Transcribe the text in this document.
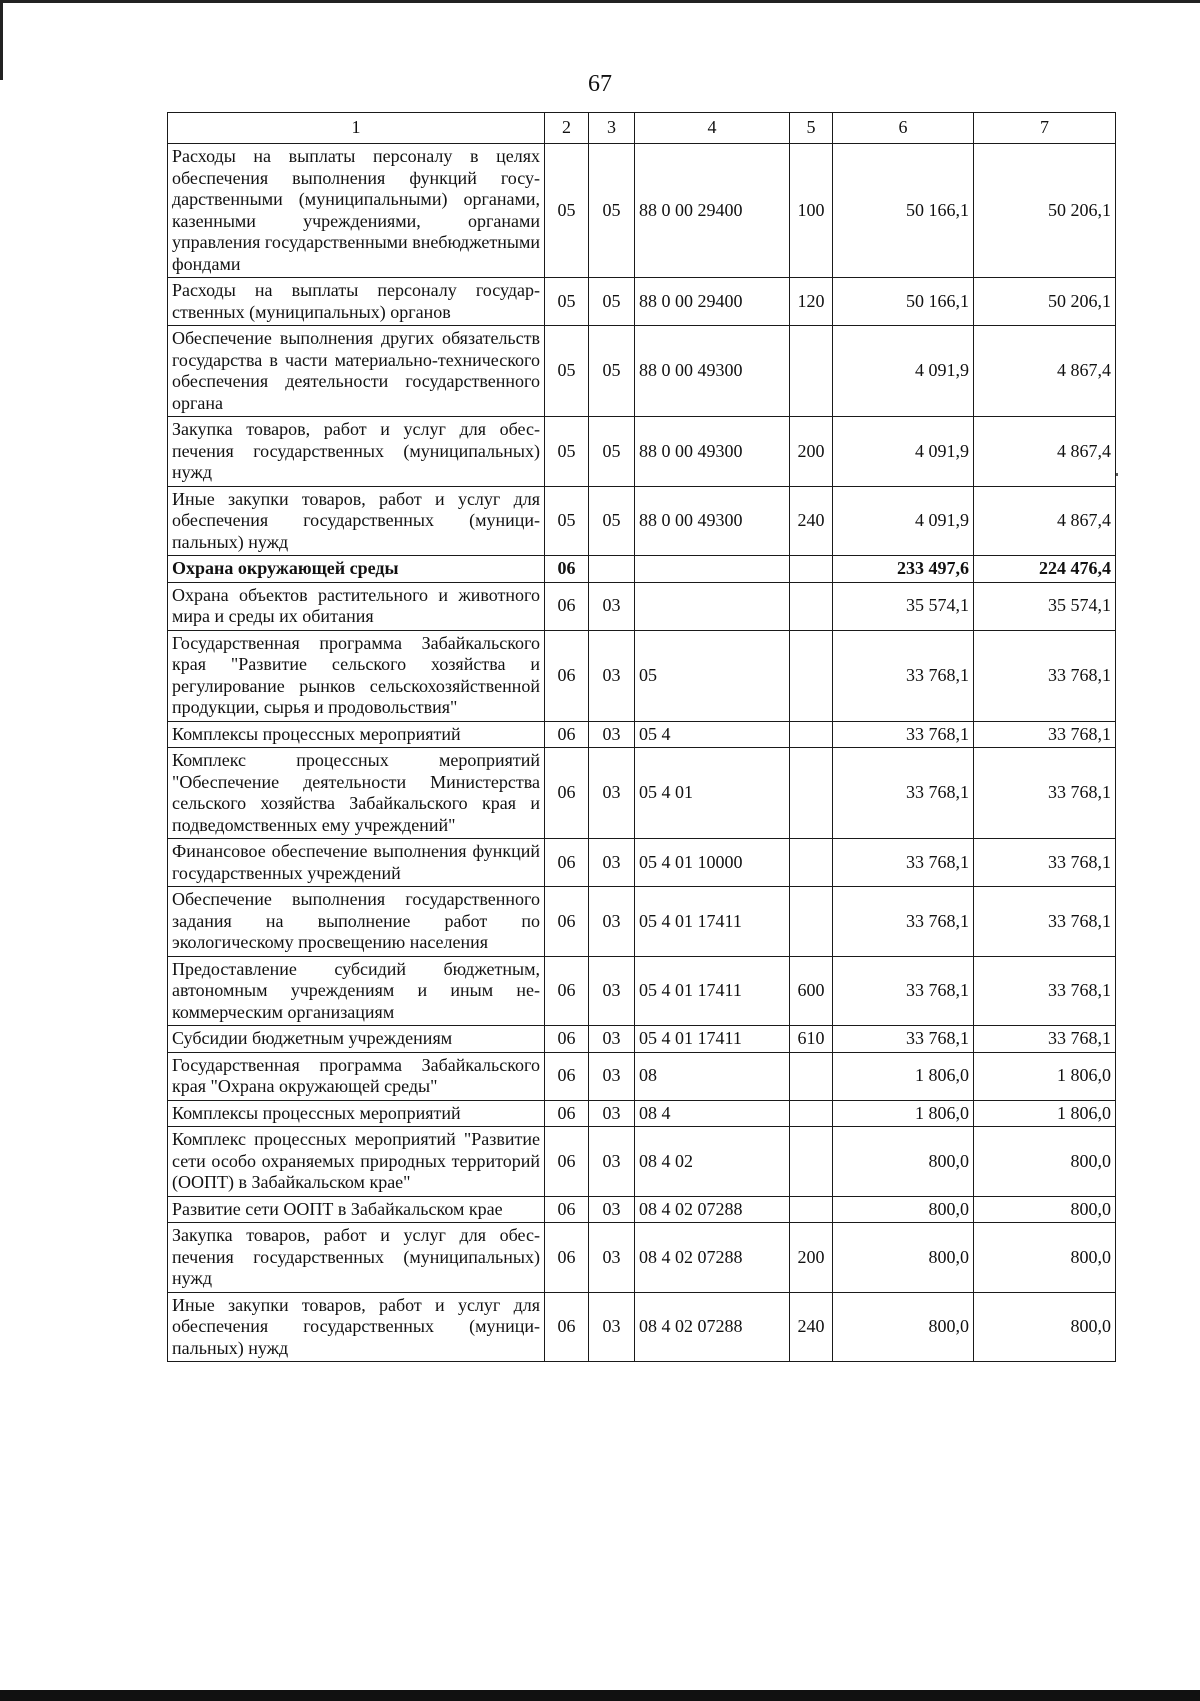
67
1	2	3	4	5	6	7
Расходы на выплаты персоналу в целях обеспечения выполнения функций государственными (муниципальными) органами, казенными учреждениями, органами управления государственными внебюджетными фондами	05	05	88 0 00 29400	100	50 166,1	50 206,1
Расходы на выплаты персоналу государственных (муниципальных) органов	05	05	88 0 00 29400	120	50 166,1	50 206,1
Обеспечение выполнения других обязательств государства в части материально-технического обеспечения деятельности государственного органа	05	05	88 0 00 49300		4 091,9	4 867,4
Закупка товаров, работ и услуг для обеспечения государственных (муниципальных) нужд	05	05	88 0 00 49300	200	4 091,9	4 867,4
Иные закупки товаров, работ и услуг для обеспечения государственных (муниципальных) нужд	05	05	88 0 00 49300	240	4 091,9	4 867,4
Охрана окружающей среды	06				233 497,6	224 476,4
Охрана объектов растительного и животного мира и среды их обитания	06	03			35 574,1	35 574,1
Государственная программа Забайкальского края "Развитие сельского хозяйства и регулирование рынков сельскохозяйственной продукции, сырья и продовольствия"	06	03	05		33 768,1	33 768,1
Комплексы процессных мероприятий	06	03	05 4		33 768,1	33 768,1
Комплекс процессных мероприятий "Обеспечение деятельности Министерства сельского хозяйства Забайкальского края и подведомственных ему учреждений"	06	03	05 4 01		33 768,1	33 768,1
Финансовое обеспечение выполнения функций государственных учреждений	06	03	05 4 01 10000		33 768,1	33 768,1
Обеспечение выполнения государственного задания на выполнение работ по экологическому просвещению населения	06	03	05 4 01 17411		33 768,1	33 768,1
Предоставление субсидий бюджетным, автономным учреждениям и иным некоммерческим организациям	06	03	05 4 01 17411	600	33 768,1	33 768,1
Субсидии бюджетным учреждениям	06	03	05 4 01 17411	610	33 768,1	33 768,1
Государственная программа Забайкальского края "Охрана окружающей среды"	06	03	08		1 806,0	1 806,0
Комплексы процессных мероприятий	06	03	08 4		1 806,0	1 806,0
Комплекс процессных мероприятий "Развитие сети особо охраняемых природных территорий (ООПТ) в Забайкальском крае"	06	03	08 4 02		800,0	800,0
Развитие сети ООПТ в Забайкальском крае	06	03	08 4 02 07288		800,0	800,0
Закупка товаров, работ и услуг для обеспечения государственных (муниципальных) нужд	06	03	08 4 02 07288	200	800,0	800,0
Иные закупки товаров, работ и услуг для обеспечения государственных (муниципальных) нужд	06	03	08 4 02 07288	240	800,0	800,0
